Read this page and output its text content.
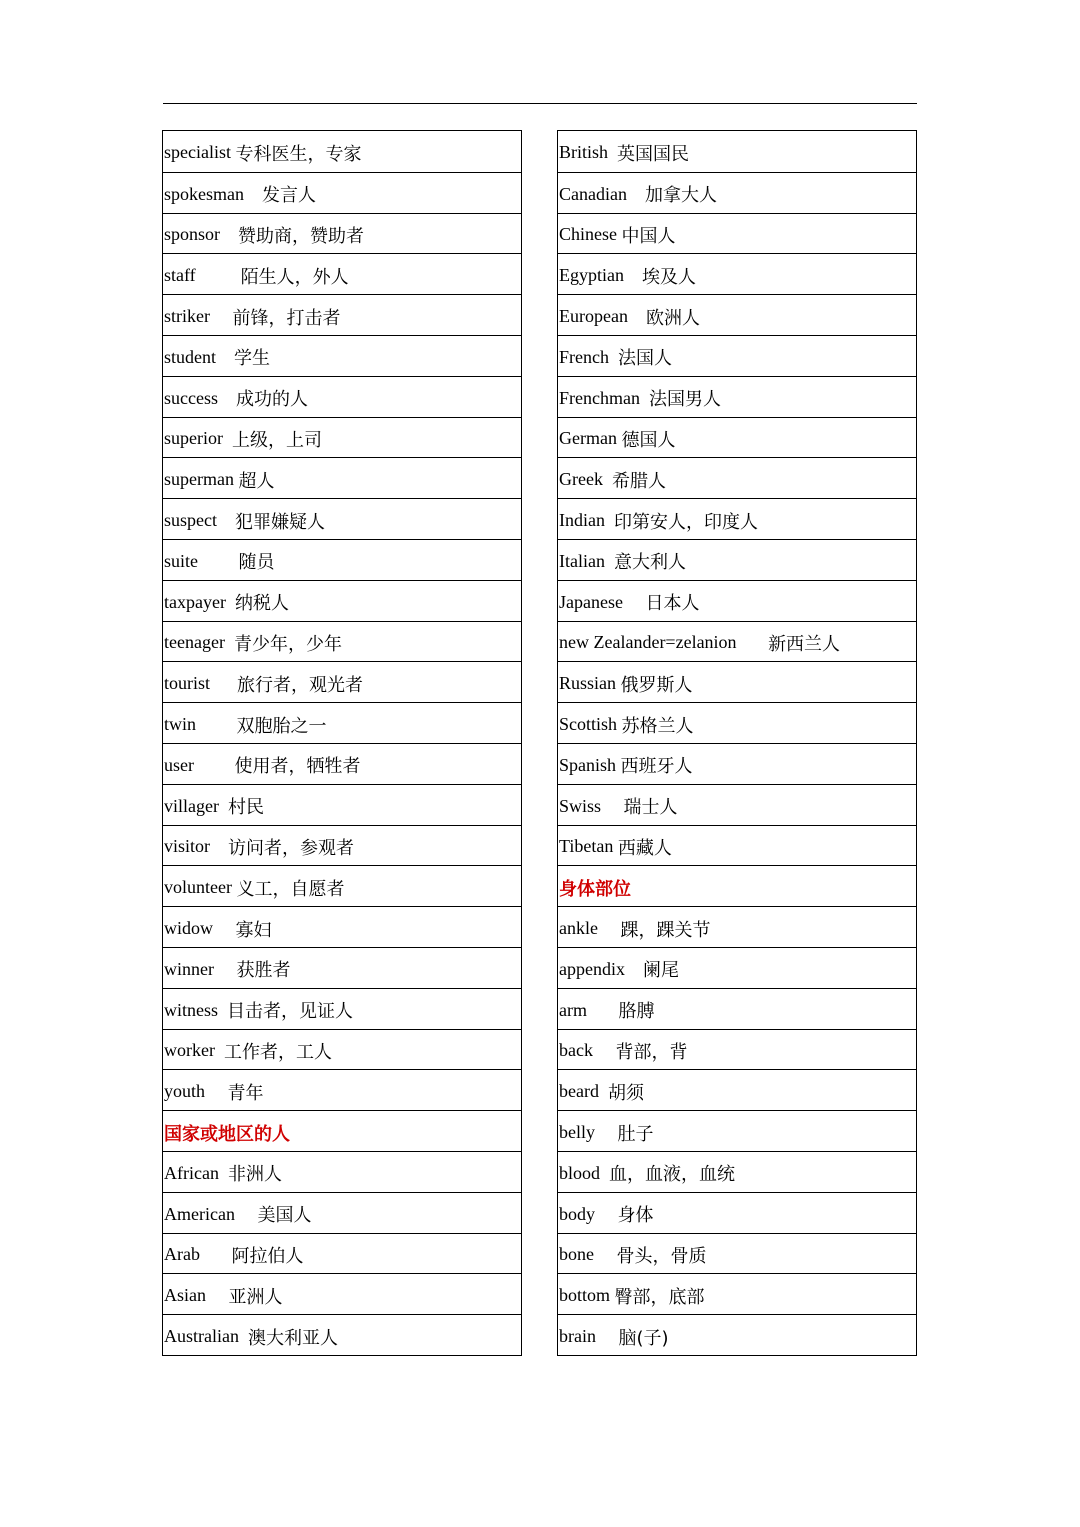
specialist 专科医生，专家
spokesman 发言人
sponsor 赞助商，赞助者
staff 陌生人，外人
striker 前锋，打击者
student 学生
success 成功的人
superior 上级，上司
superman 超人
suspect 犯罪嫌疑人
suite 随员
taxpayer 纳税人
teenager 青少年，少年
tourist 旅行者，观光者
twin 双胞胎之一
user 使用者，牺牲者
villager 村民
visitor 访问者，参观者
volunteer 义工，自愿者
widow 寡妇
winner 获胜者
witness 目击者，见证人
worker 工作者，工人
youth 青年
国家或地区的人
African 非洲人
American 美国人
Arab 阿拉伯人
Asian 亚洲人
Australian 澳大利亚人
British 英国国民
Canadian 加拿大人
Chinese 中国人
Egyptian 埃及人
European 欧洲人
French 法国人
Frenchman 法国男人
German 德国人
Greek 希腊人
Indian 印第安人，印度人
Italian 意大利人
Japanese 日本人
new Zealander=zelanion 新西兰人
Russian 俄罗斯人
Scottish 苏格兰人
Spanish 西班牙人
Swiss 瑞士人
Tibetan 西藏人
身体部位
ankle 踝，踝关节
appendix 阑尾
arm 胳膊
back 背部，背
beard 胡须
belly 肚子
blood 血，血液，血统
body 身体
bone 骨头，骨质
bottom 臀部，底部
brain 脑(子)
